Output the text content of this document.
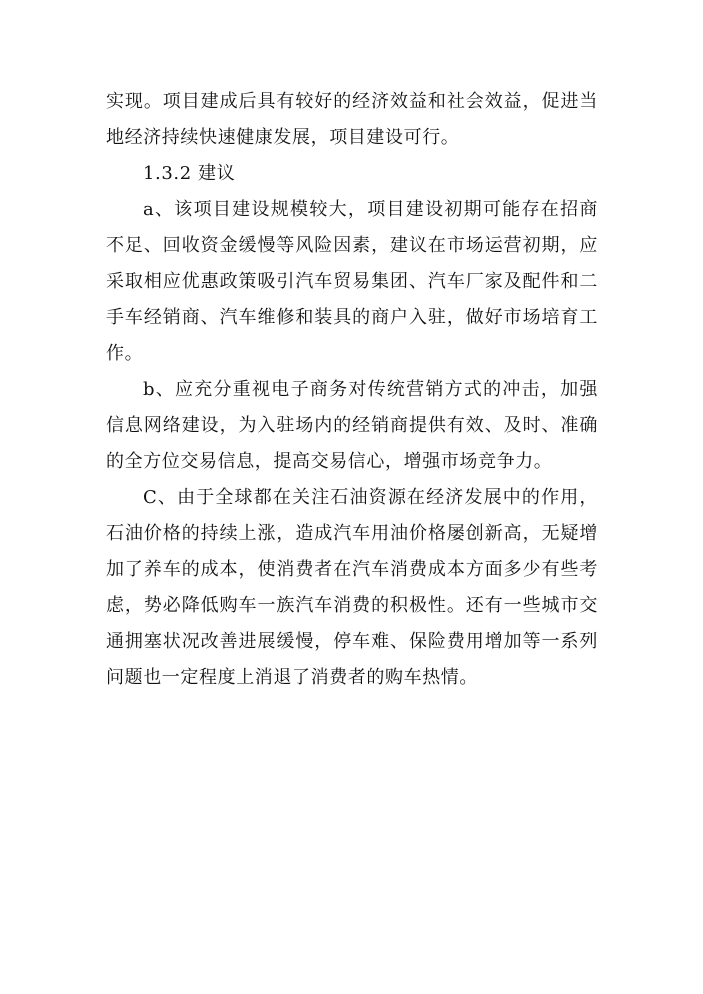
实现。项目建成后具有较好的经济效益和社会效益，促进当地经济持续快速健康发展，项目建设可行。

1.3.2 建议

a、该项目建设规模较大，项目建设初期可能存在招商不足、回收资金缓慢等风险因素，建议在市场运营初期，应采取相应优惠政策吸引汽车贸易集团、汽车厂家及配件和二手车经销商、汽车维修和装具的商户入驻，做好市场培育工作。

b、应充分重视电子商务对传统营销方式的冲击，加强信息网络建设，为入驻场内的经销商提供有效、及时、准确的全方位交易信息，提高交易信心，增强市场竞争力。

C、由于全球都在关注石油资源在经济发展中的作用，石油价格的持续上涨，造成汽车用油价格屡创新高，无疑增加了养车的成本，使消费者在汽车消费成本方面多少有些考虑，势必降低购车一族汽车消费的积极性。还有一些城市交通拥塞状况改善进展缓慢，停车难、保险费用增加等一系列问题也一定程度上消退了消费者的购车热情。
